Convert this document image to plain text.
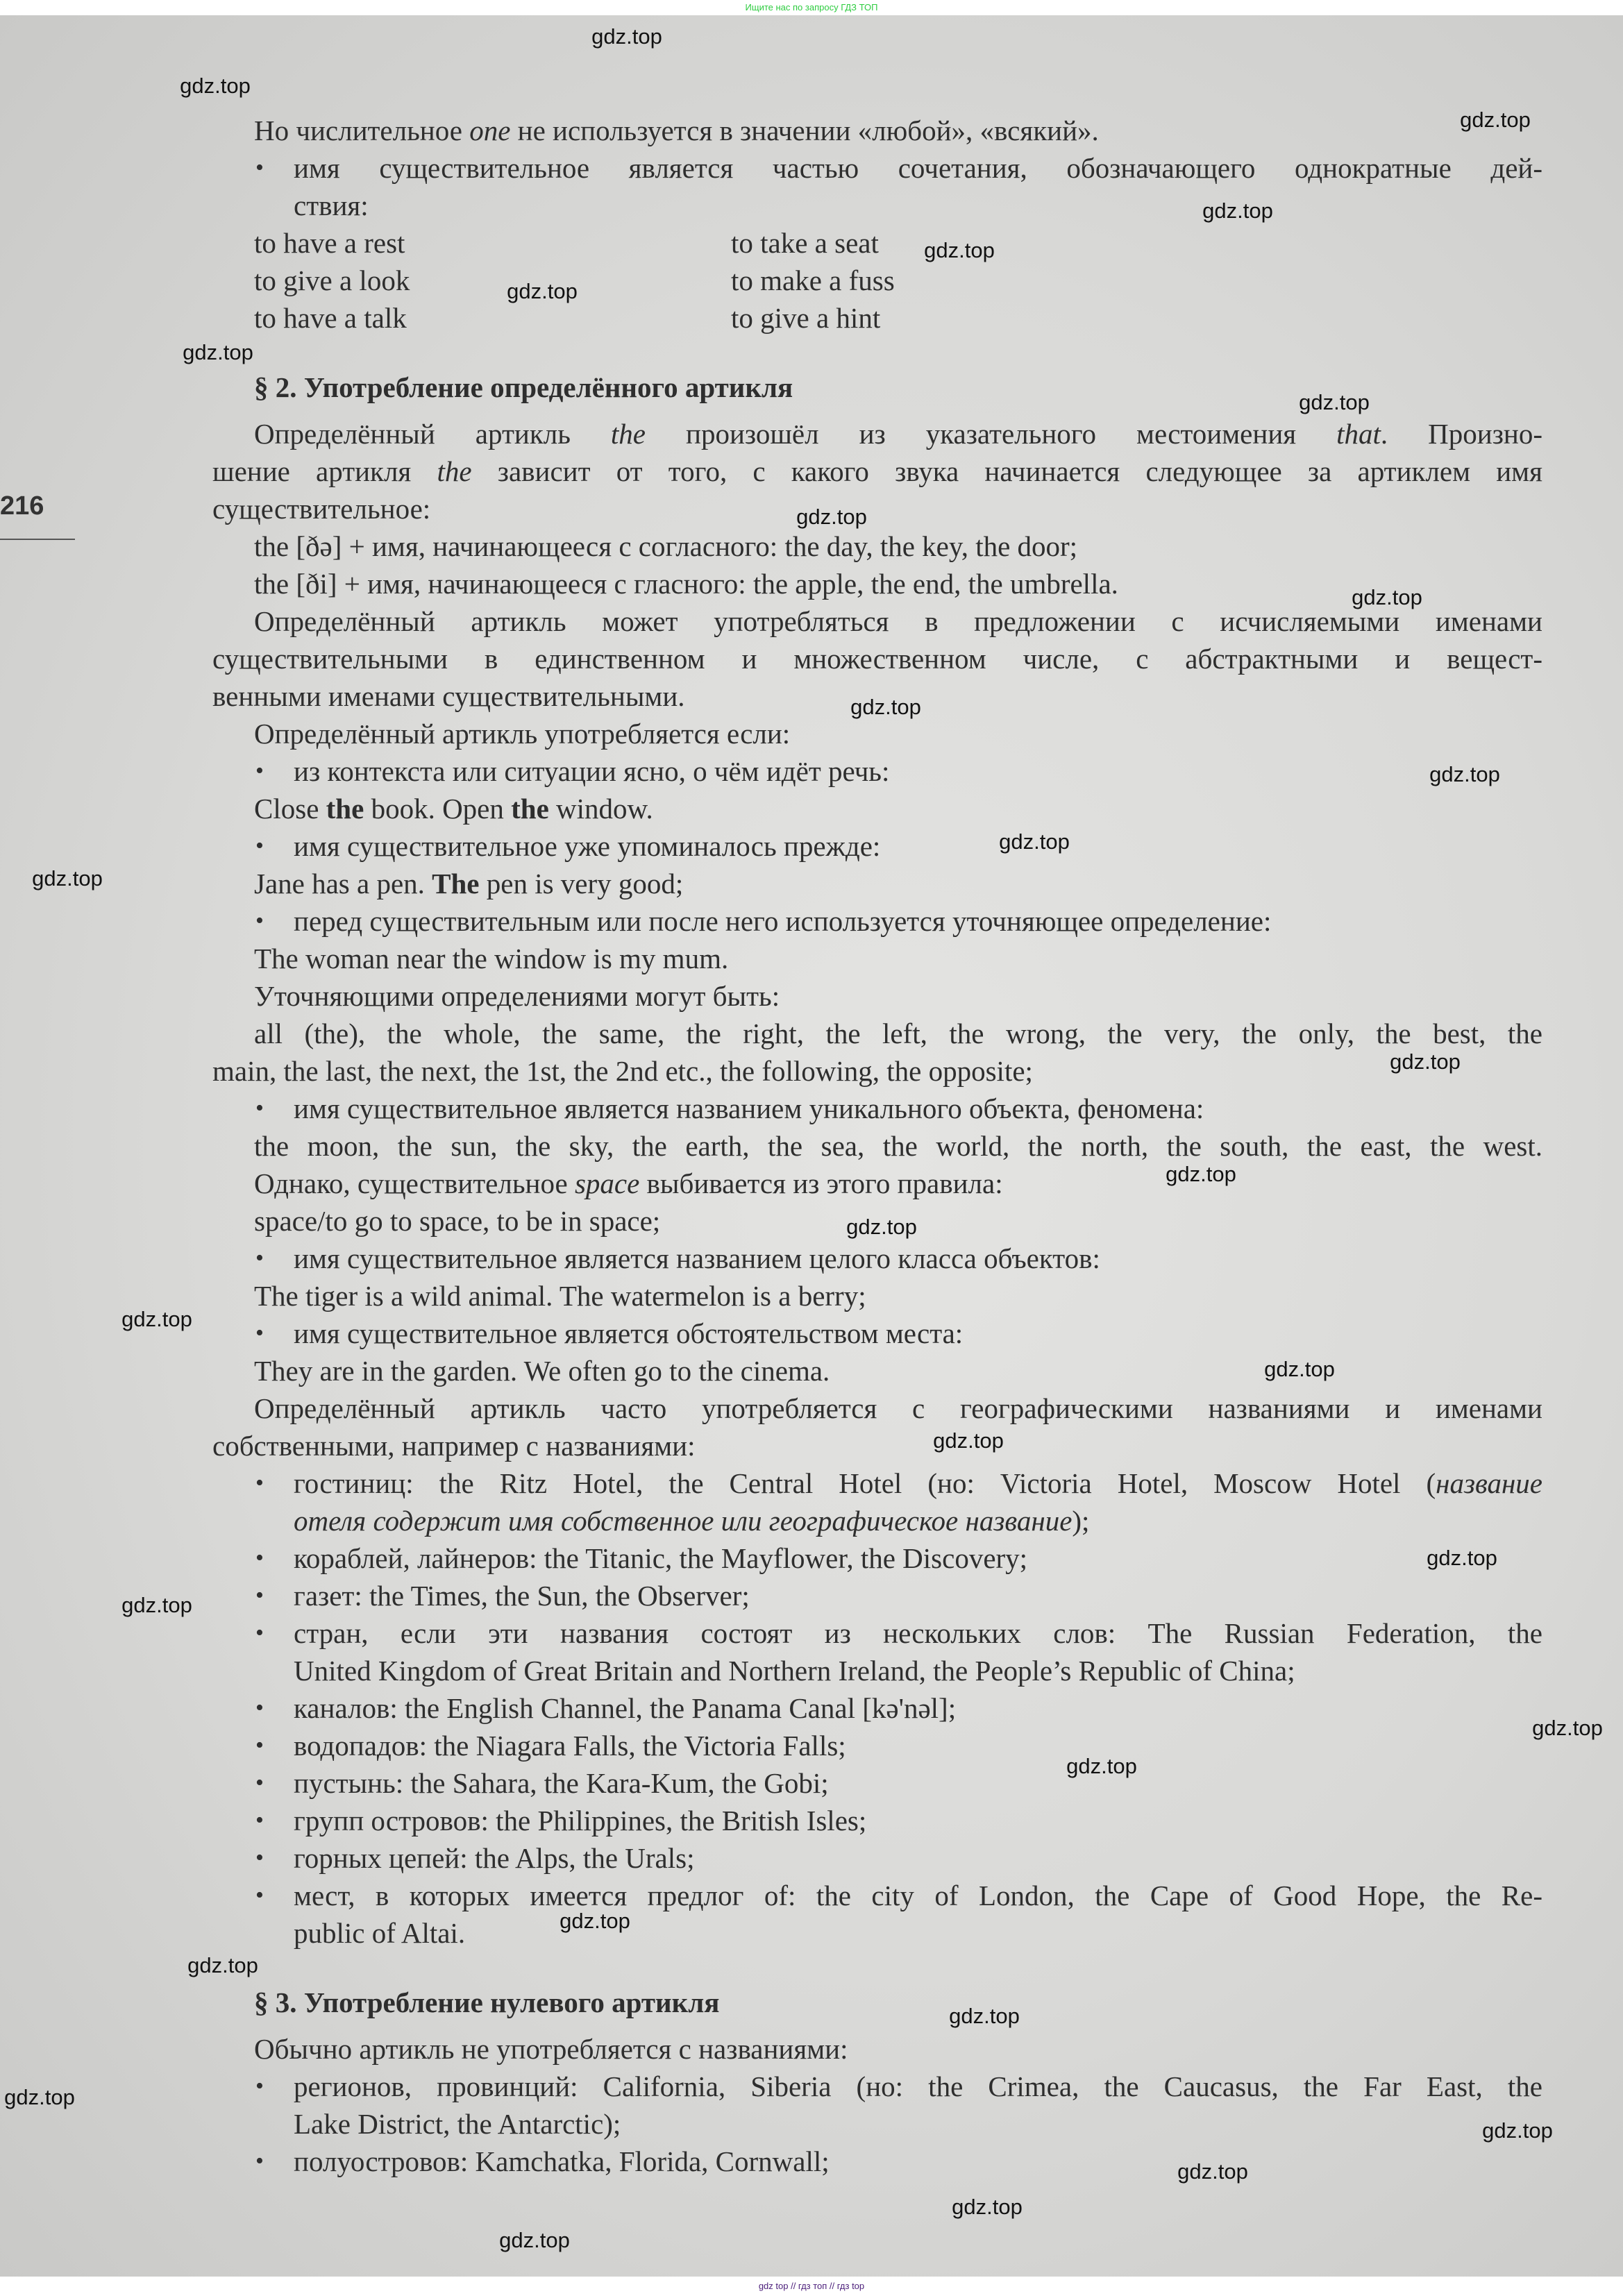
Ищите нас по запросу ГДЗ ТОП
216
Но числительное one не используется в значении «любой», «всякий».
• имя существительное является частью сочетания, обозначающего однократные дей-
ствия:
to have a rest	to take a seat
to give a look	to make a fuss
to have a talk	to give a hint
§ 2. Употребление определённого артикля
Определённый артикль the произошёл из указательного местоимения that. Произно-
шение артикля the зависит от того, с какого звука начинается следующее за артиклем имя
существительное:
the [ðə] + имя, начинающееся с согласного: the day, the key, the door;
the [ði] + имя, начинающееся с гласного: the apple, the end, the umbrella.
Определённый артикль может употребляться в предложении с исчисляемыми именами
существительными в единственном и множественном числе, с абстрактными и вещест-
венными именами существительными.
Определённый артикль употребляется если:
• из контекста или ситуации ясно, о чём идёт речь:
Close the book. Open the window.
• имя существительное уже упоминалось прежде:
Jane has a pen. The pen is very good;
• перед существительным или после него используется уточняющее определение:
The woman near the window is my mum.
Уточняющими определениями могут быть:
all (the), the whole, the same, the right, the left, the wrong, the very, the only, the best, the
main, the last, the next, the 1st, the 2nd etc., the following, the opposite;
• имя существительное является названием уникального объекта, феномена:
the moon, the sun, the sky, the earth, the sea, the world, the north, the south, the east, the west.
Однако, существительное space выбивается из этого правила:
space/to go to space, to be in space;
• имя существительное является названием целого класса объектов:
The tiger is a wild animal. The watermelon is a berry;
• имя существительное является обстоятельством места:
They are in the garden. We often go to the cinema.
Определённый артикль часто употребляется с географическими названиями и именами
собственными, например с названиями:
• гостиниц: the Ritz Hotel, the Central Hotel (но: Victoria Hotel, Moscow Hotel (название
отеля содержит имя собственное или географическое название);
• кораблей, лайнеров: the Titanic, the Mayflower, the Discovery;
• газет: the Times, the Sun, the Observer;
• стран, если эти названия состоят из нескольких слов: The Russian Federation, the
United Kingdom of Great Britain and Northern Ireland, the People’s Republic of China;
• каналов: the English Channel, the Panama Canal [kə'nəl];
• водопадов: the Niagara Falls, the Victoria Falls;
• пустынь: the Sahara, the Kara-Kum, the Gobi;
• групп островов: the Philippines, the British Isles;
• горных цепей: the Alps, the Urals;
• мест, в которых имеется предлог of: the city of London, the Cape of Good Hope, the Re-
public of Altai.
§ 3. Употребление нулевого артикля
Обычно артикль не употребляется с названиями:
• регионов, провинций: California, Siberia (но: the Crimea, the Caucasus, the Far East, the
Lake District, the Antarctic);
• полуостровов: Kamchatka, Florida, Cornwall;
gdz.top
gdz.top
gdz.top
gdz.top
gdz.top
gdz.top
gdz.top
gdz.top
gdz.top
gdz.top
gdz.top
gdz.top
gdz.top
gdz.top
gdz.top
gdz.top
gdz.top
gdz.top
gdz.top
gdz.top
gdz.top
gdz.top
gdz.top
gdz.top
gdz.top
gdz.top
gdz.top
gdz.top
gdz.top
gdz.top
gdz.top
gdz.top
gdz top // гдз топ // гдз top
